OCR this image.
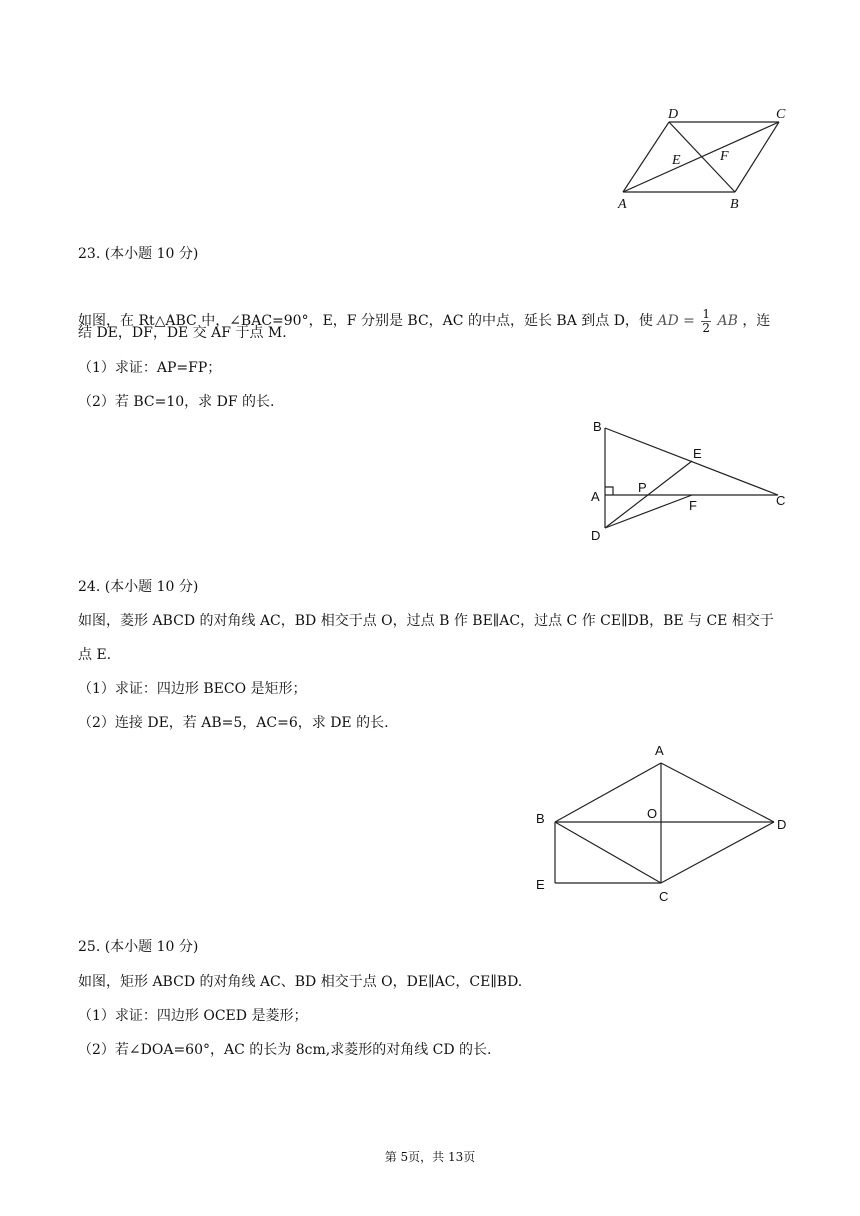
D	C
E	F
A	B
23. (本小题 10 分)
如图，在 Rt△ABC 中，∠BAC=90°，E，F 分别是 BC，AC 的中点，延长 BA 到点 D，使 AD = $\frac{1}{2}$ AB ，连
结 DE，DF，DE 交 AF 于点 M.
（1）求证：AP=FP；
（2）若 BC=10，求 DF 的长.
B
E
A
P
C
F
D
24. (本小题 10 分)
如图，菱形 ABCD 的对角线 AC，BD 相交于点 O，过点 B 作 BE∥AC，过点 C 作 CE∥DB，BE 与 CE 相交于
点 E.
（1）求证：四边形 BECO 是矩形；
（2）连接 DE，若 AB=5，AC=6，求 DE 的长.
A
B	O
D
E
C
25. (本小题 10 分)
如图，矩形 ABCD 的对角线 AC、BD 相交于点 O，DE∥AC，CE∥BD.
（1）求证：四边形 OCED 是菱形；
（2）若∠DOA=60°，AC 的长为 8cm,求菱形的对角线 CD 的长.
第 5页，共 13页
